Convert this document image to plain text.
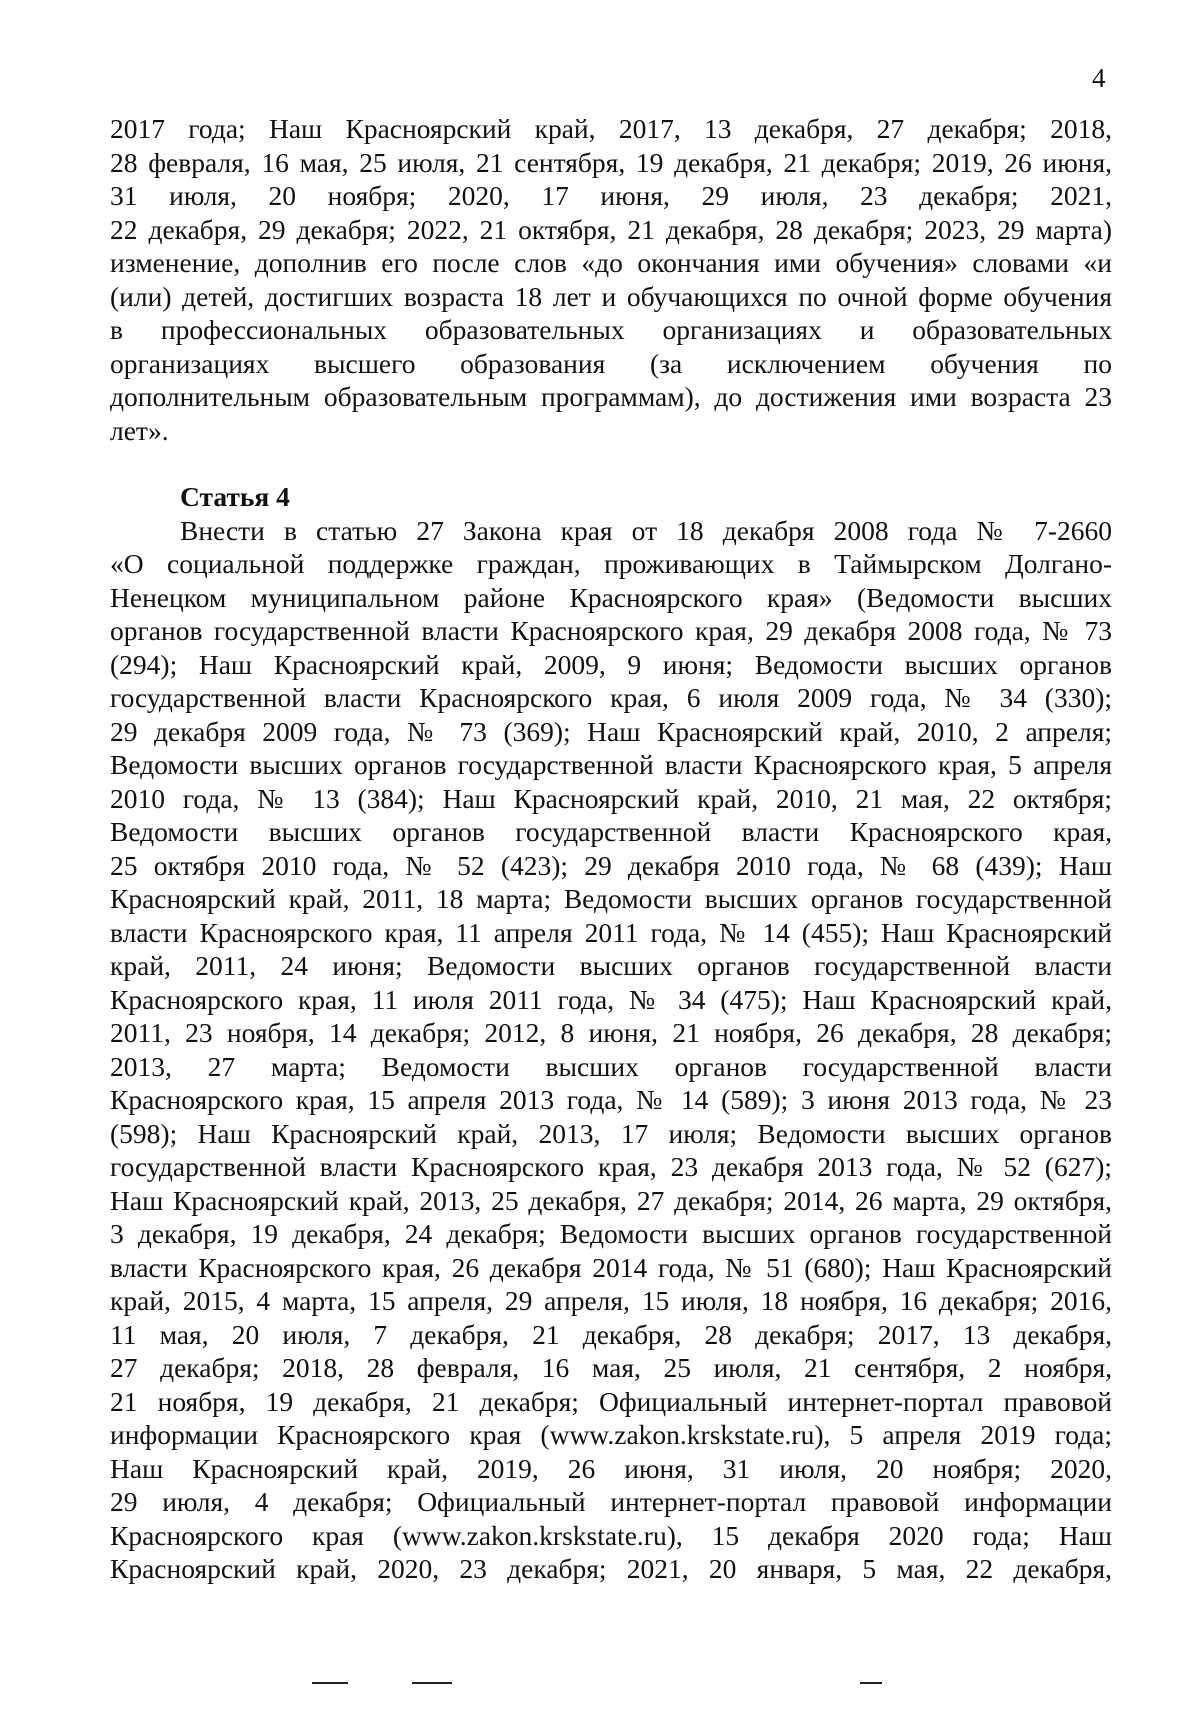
4
2017 года; Наш Красноярский край, 2017, 13 декабря, 27 декабря; 2018,
28 февраля, 16 мая, 25 июля, 21 сентября, 19 декабря, 21 декабря; 2019, 26 июня,
31 июля, 20 ноября; 2020, 17 июня, 29 июля, 23 декабря; 2021,
22 декабря, 29 декабря; 2022, 21 октября, 21 декабря, 28 декабря; 2023, 29 марта)
изменение, дополнив его после слов «до окончания ими обучения» словами «и
(или) детей, достигших возраста 18 лет и обучающихся по очной форме обучения
в профессиональных образовательных организациях и образовательных
организациях высшего образования (за исключением обучения по
дополнительным образовательным программам), до достижения ими возраста 23
лет».
Статья 4
Внести в статью 27 Закона края от 18 декабря 2008 года № 7-2660
«О социальной поддержке граждан, проживающих в Таймырском Долгано-
Ненецком муниципальном районе Красноярского края» (Ведомости высших
органов государственной власти Красноярского края, 29 декабря 2008 года, № 73
(294); Наш Красноярский край, 2009, 9 июня; Ведомости высших органов
государственной власти Красноярского края, 6 июля 2009 года, № 34 (330);
29 декабря 2009 года, № 73 (369); Наш Красноярский край, 2010, 2 апреля;
Ведомости высших органов государственной власти Красноярского края, 5 апреля
2010 года, № 13 (384); Наш Красноярский край, 2010, 21 мая, 22 октября;
Ведомости высших органов государственной власти Красноярского края,
25 октября 2010 года, № 52 (423); 29 декабря 2010 года, № 68 (439); Наш
Красноярский край, 2011, 18 марта; Ведомости высших органов государственной
власти Красноярского края, 11 апреля 2011 года, № 14 (455); Наш Красноярский
край, 2011, 24 июня; Ведомости высших органов государственной власти
Красноярского края, 11 июля 2011 года, № 34 (475); Наш Красноярский край,
2011, 23 ноября, 14 декабря; 2012, 8 июня, 21 ноября, 26 декабря, 28 декабря;
2013, 27 марта; Ведомости высших органов государственной власти
Красноярского края, 15 апреля 2013 года, № 14 (589); 3 июня 2013 года, № 23
(598); Наш Красноярский край, 2013, 17 июля; Ведомости высших органов
государственной власти Красноярского края, 23 декабря 2013 года, № 52 (627);
Наш Красноярский край, 2013, 25 декабря, 27 декабря; 2014, 26 марта, 29 октября,
3 декабря, 19 декабря, 24 декабря; Ведомости высших органов государственной
власти Красноярского края, 26 декабря 2014 года, № 51 (680); Наш Красноярский
край, 2015, 4 марта, 15 апреля, 29 апреля, 15 июля, 18 ноября, 16 декабря; 2016,
11 мая, 20 июля, 7 декабря, 21 декабря, 28 декабря; 2017, 13 декабря,
27 декабря; 2018, 28 февраля, 16 мая, 25 июля, 21 сентября, 2 ноября,
21 ноября, 19 декабря, 21 декабря; Официальный интернет-портал правовой
информации Красноярского края (www.zakon.krskstate.ru), 5 апреля 2019 года;
Наш Красноярский край, 2019, 26 июня, 31 июля, 20 ноября; 2020,
29 июля, 4 декабря; Официальный интернет-портал правовой информации
Красноярского края (www.zakon.krskstate.ru), 15 декабря 2020 года; Наш
Красноярский край, 2020, 23 декабря; 2021, 20 января, 5 мая, 22 декабря,
